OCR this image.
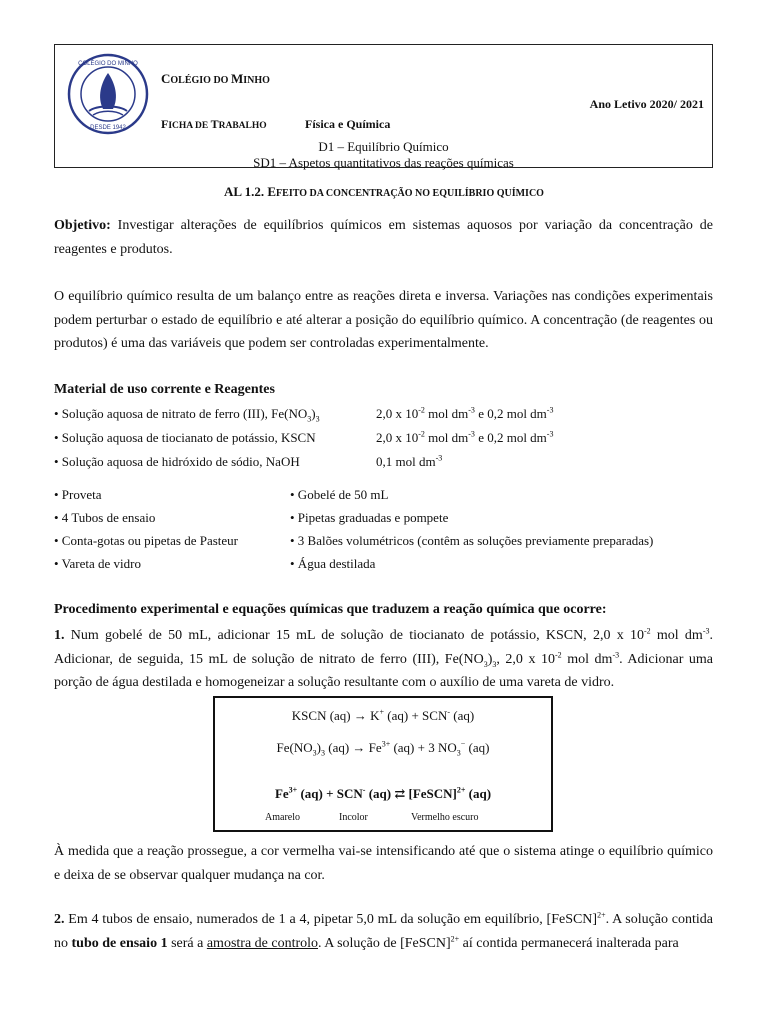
COLÉGIO DO MINHO
DESDE 1942
COLÉGIO DO MINHO
Ano Letivo 2020/ 2021
FICHA DE TRABALHO	Física e Química
D1 – Equilíbrio Químico
SD1 – Aspetos quantitativos das reações químicas
AL 1.2. EFEITO DA CONCENTRAÇÃO NO EQUILÍBRIO QUÍMICO

Objetivo: Investigar alterações de equilíbrios químicos em sistemas aquosos por variação da concentração de reagentes e produtos.

O equilíbrio químico resulta de um balanço entre as reações direta e inversa. Variações nas condições experimentais podem perturbar o estado de equilíbrio e até alterar a posição do equilíbrio químico. A concentração (de reagentes ou produtos) é uma das variáveis que podem ser controladas experimentalmente.

Material de uso corrente e Reagentes
• Solução aquosa de nitrato de ferro (III), $Fe(NO_3)_3$	2,0 x $10^{-2}$ mol $dm^{-3}$ e 0,2 mol $dm^{-3}$
• Solução aquosa de tiocianato de potássio, KSCN	2,0 x $10^{-2}$ mol $dm^{-3}$ e 0,2 mol $dm^{-3}$
• Solução aquosa de hidróxido de sódio, NaOH	0,1 mol $dm^{-3}$
• Proveta
• 4 Tubos de ensaio
• Conta-gotas ou pipetas de Pasteur
• Vareta de vidro
• Gobelé de 50 mL
• Pipetas graduadas e pompete
• 3 Balões volumétricos (contêm as soluções previamente preparadas)
• Água destilada
Procedimento experimental e equações químicas que traduzem a reação química que ocorre:

1. Num gobelé de 50 mL, adicionar 15 mL de solução de tiocianato de potássio, KSCN, 2,0 x $10^{-2}$ mol $dm^{-3}$. Adicionar, de seguida, 15 mL de solução de nitrato de ferro (III), $Fe(NO_3)_3$, 2,0 x $10^{-2}$ mol $dm^{-3}$. Adicionar uma porção de água destilada e homogeneizar a solução resultante com o auxílio de uma vareta de vidro.

KSCN (aq) → K+ (aq) + SCN- (aq)
$Fe(NO_3)_3$ $(aq) \to Fe^{3+}$ (aq) + 3 $NO_3^-$ (aq)
$Fe^{3+}$ (aq) + SCN- (aq) ⇄ [FeSCN]$^{2+}$ (aq)
Amarelo	Incolor	Vermelho escuro

À medida que a reação prossegue, a cor vermelha vai-se intensificando até que o sistema atinge o equilíbrio químico e deixa de se observar qualquer mudança na cor.

2. Em 4 tubos de ensaio, numerados de 1 a 4, pipetar 5,0 mL da solução em equilíbrio, [FeSCN]$^{2+}$. A solução contida no tubo de ensaio 1 será a amostra de controlo. A solução de [FeSCN]$^{2+}$ aí contida permanecerá inalterada para
